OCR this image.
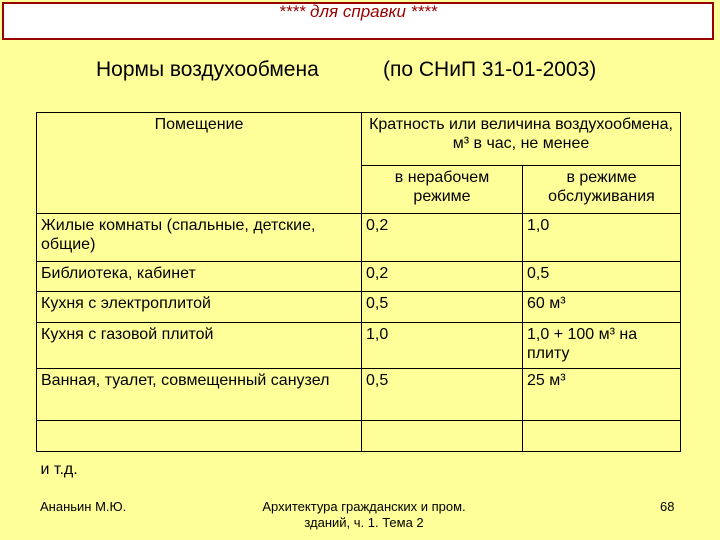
**** для справки ****
Нормы воздухообмена	(по СНиП 31-01-2003)
Помещение	Кратность или величина воздухообмена, м³ в час, не менее	
	в нерабочем режиме	в режиме обслуживания
Жилые комнаты (спальные, детские, общие)	0,2	1,0
Библиотека, кабинет	0,2	0,5
Кухня с электроплитой	0,5	60 м³
Кухня с газовой плитой	1,0	1,0 + 100 м³ на плиту
Ванная, туалет, совмещенный санузел	0,5	25 м³

и т.д.		
Ананьин М.Ю.	Архитектура гражданских и пром. зданий, ч. 1. Тема 2
68
